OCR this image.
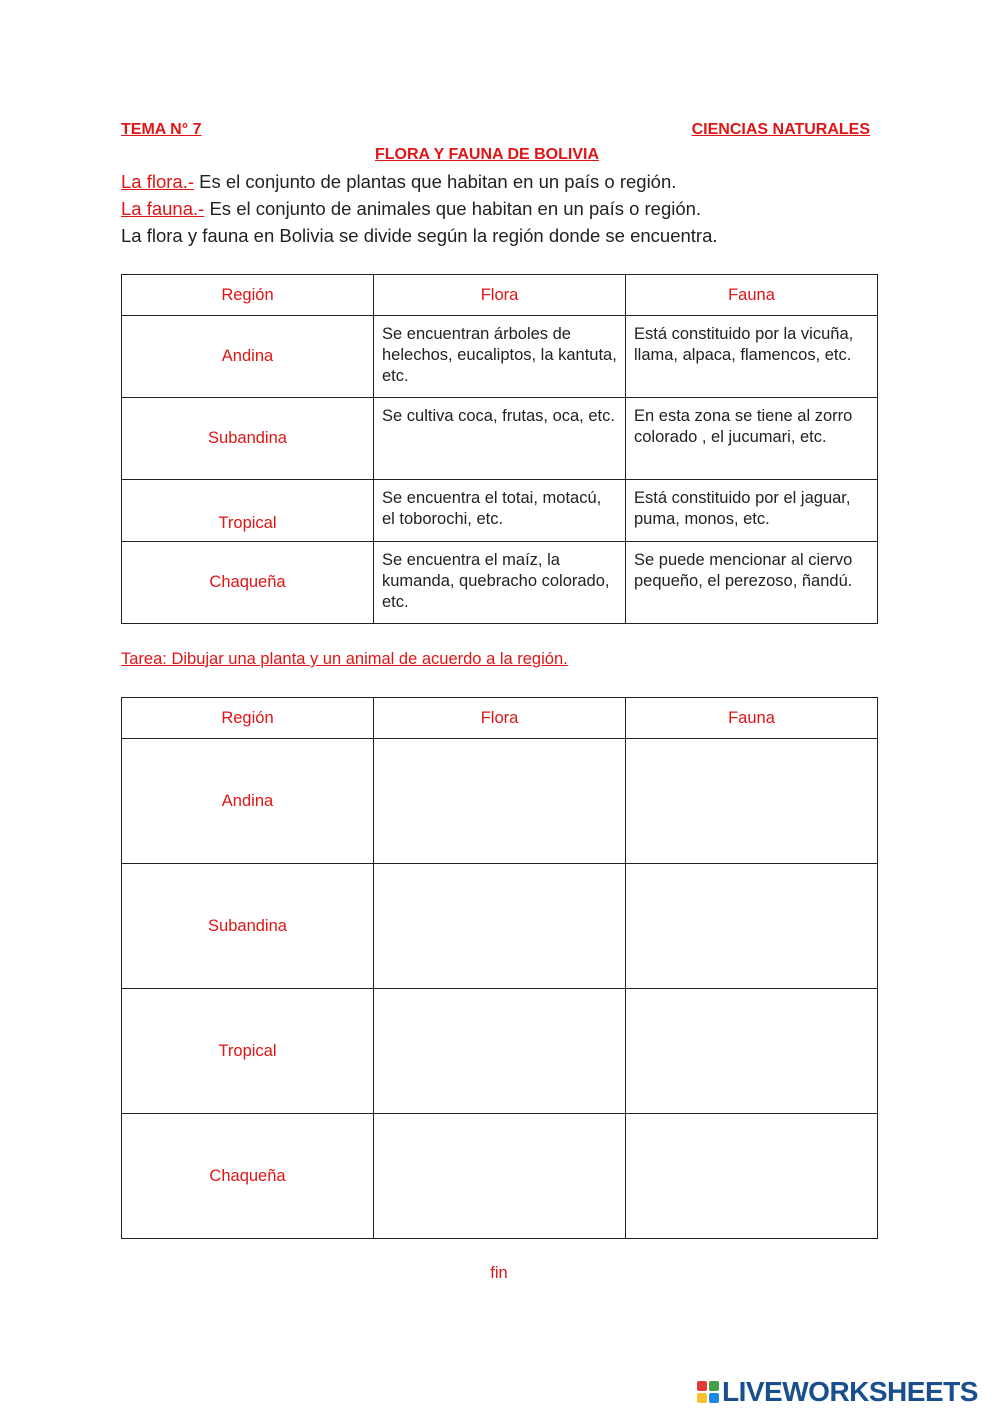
TEMA N° 7	CIENCIAS NATURALES
FLORA Y FAUNA DE BOLIVIA
La flora.- Es el conjunto de plantas que habitan en un país o región.
La fauna.- Es el conjunto de animales que habitan en un país o región.
La flora y fauna en Bolivia se divide según la región donde se encuentra.
Región	Flora	Fauna
Andina	Se encuentran árboles de helechos, eucaliptos, la kantuta, etc.	Está constituido por la vicuña, llama, alpaca, flamencos, etc.
Subandina	Se cultiva coca, frutas, oca, etc.	En esta zona se tiene al zorro colorado , el jucumari, etc.
Tropical	Se encuentra el totai, motacú, el toborochi, etc.	Está constituido por el jaguar, puma, monos, etc.
Chaqueña	Se encuentra el maíz, la kumanda, quebracho colorado, etc.	Se puede mencionar al ciervo pequeño, el perezoso, ñandú.
Tarea: Dibujar una planta y un animal de acuerdo a la región.
Región	Flora	Fauna
Andina		
Subandina		
Tropical		
Chaqueña		
fin
LIVEWORKSHEETS
